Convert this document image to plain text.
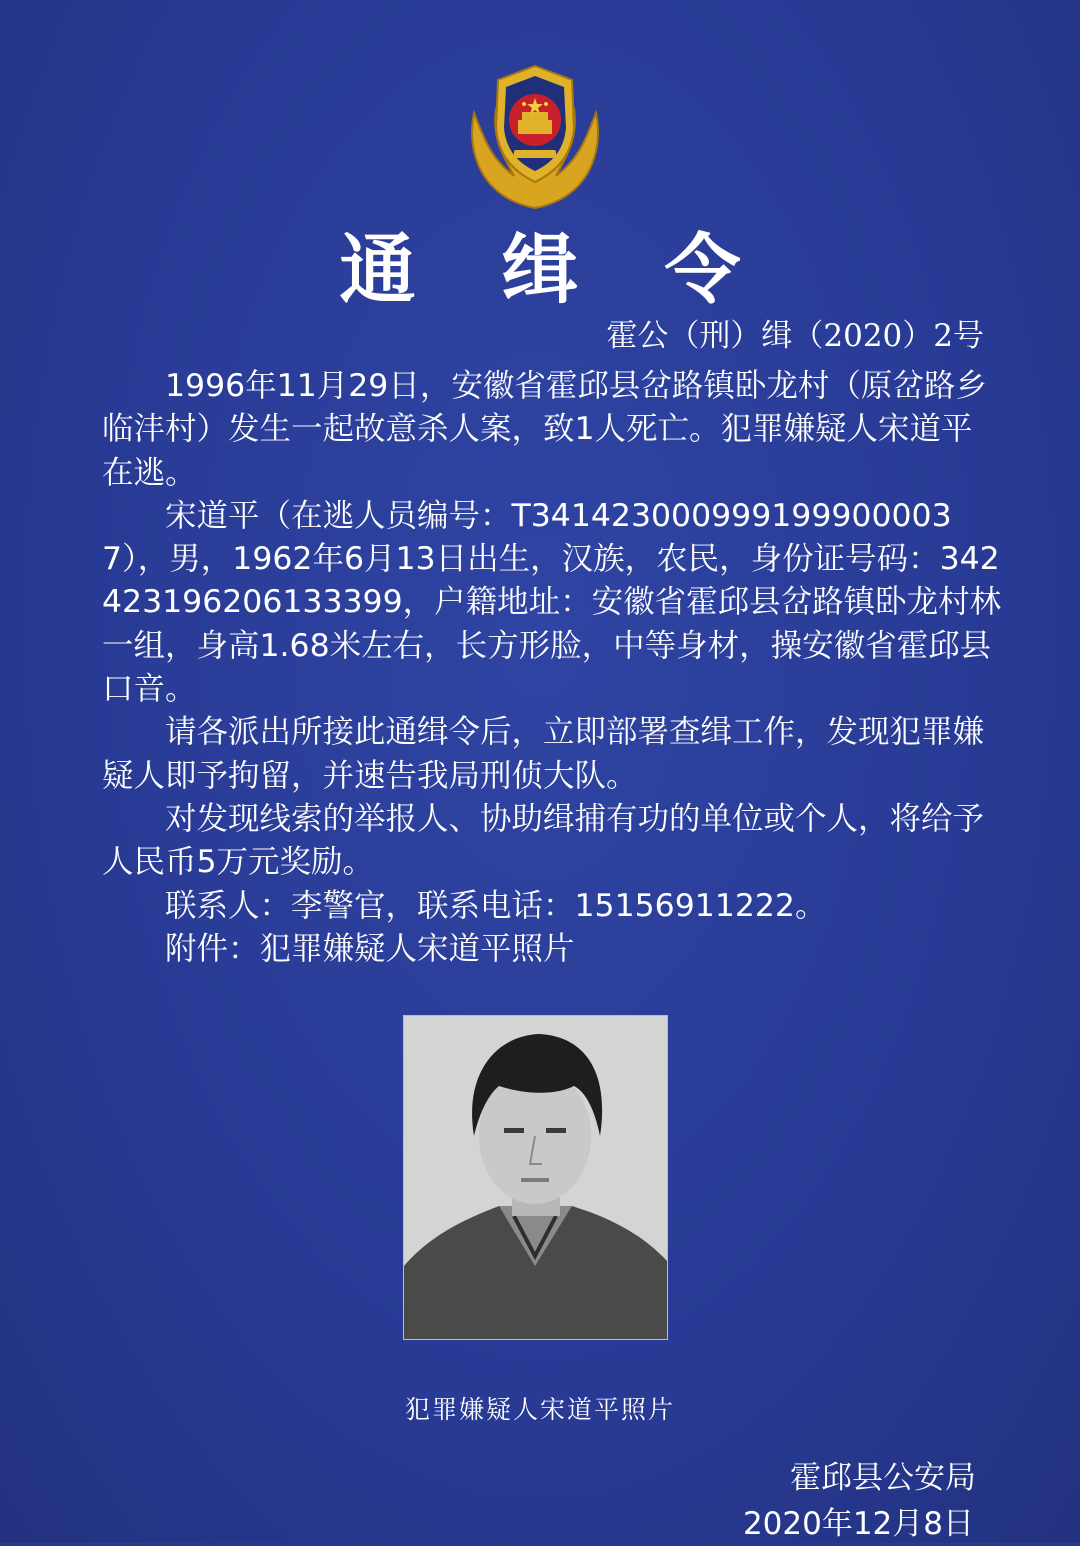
通 缉 令
霍公（刑）缉（2020）2号

1996年11月29日，安徽省霍邱县岔路镇卧龙村（原岔路乡临沣村）发生一起故意杀人案，致1人死亡。犯罪嫌疑人宋道平在逃。

宋道平（在逃人员编号：T3414230009991999000037），男，1962年6月13日出生，汉族，农民，身份证号码：342423196206133399，户籍地址：安徽省霍邱县岔路镇卧龙村林一组，身高1.68米左右，长方形脸，中等身材，操安徽省霍邱县口音。

请各派出所接此通缉令后，立即部署查缉工作，发现犯罪嫌疑人即予拘留，并速告我局刑侦大队。

对发现线索的举报人、协助缉捕有功的单位或个人，将给予人民币5万元奖励。

联系人：李警官，联系电话：15156911222。

附件：犯罪嫌疑人宋道平照片

犯罪嫌疑人宋道平照片
霍邱县公安局
2020年12月8日
